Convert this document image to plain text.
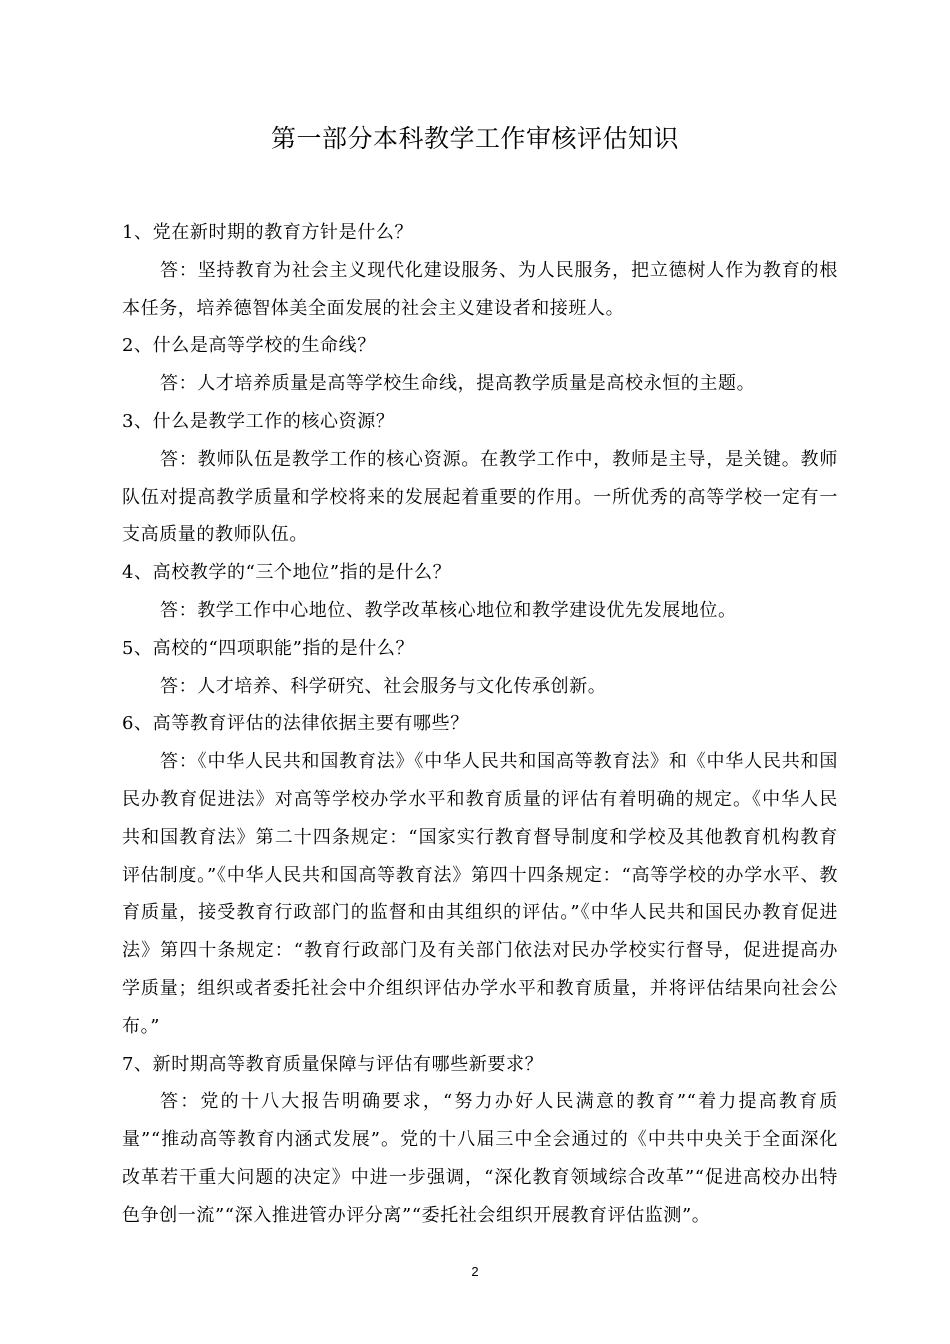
第一部分本科教学工作审核评估知识

1、党在新时期的教育方针是什么？

答：坚持教育为社会主义现代化建设服务、为人民服务，把立德树人作为教育的根本任务，培养德智体美全面发展的社会主义建设者和接班人。

2、什么是高等学校的生命线？

答：人才培养质量是高等学校生命线，提高教学质量是高校永恒的主题。

3、什么是教学工作的核心资源？

答：教师队伍是教学工作的核心资源。在教学工作中，教师是主导，是关键。教师队伍对提高教学质量和学校将来的发展起着重要的作用。一所优秀的高等学校一定有一支高质量的教师队伍。

4、高校教学的“三个地位”指的是什么？

答：教学工作中心地位、教学改革核心地位和教学建设优先发展地位。

5、高校的“四项职能”指的是什么？

答：人才培养、科学研究、社会服务与文化传承创新。

6、高等教育评估的法律依据主要有哪些？

答：《中华人民共和国教育法》《中华人民共和国高等教育法》和《中华人民共和国民办教育促进法》对高等学校办学水平和教育质量的评估有着明确的规定。《中华人民共和国教育法》第二十四条规定：“国家实行教育督导制度和学校及其他教育机构教育评估制度。”《中华人民共和国高等教育法》第四十四条规定：“高等学校的办学水平、教育质量，接受教育行政部门的监督和由其组织的评估。”《中华人民共和国民办教育促进法》第四十条规定：“教育行政部门及有关部门依法对民办学校实行督导，促进提高办学质量；组织或者委托社会中介组织评估办学水平和教育质量，并将评估结果向社会公布。”

7、新时期高等教育质量保障与评估有哪些新要求？

答：党的十八大报告明确要求，“努力办好人民满意的教育”“着力提高教育质量”“推动高等教育内涵式发展”。党的十八届三中全会通过的《中共中央关于全面深化改革若干重大问题的决定》中进一步强调，“深化教育领域综合改革”“促进高校办出特色争创一流”“深入推进管办评分离”“委托社会组织开展教育评估监测”。

2
